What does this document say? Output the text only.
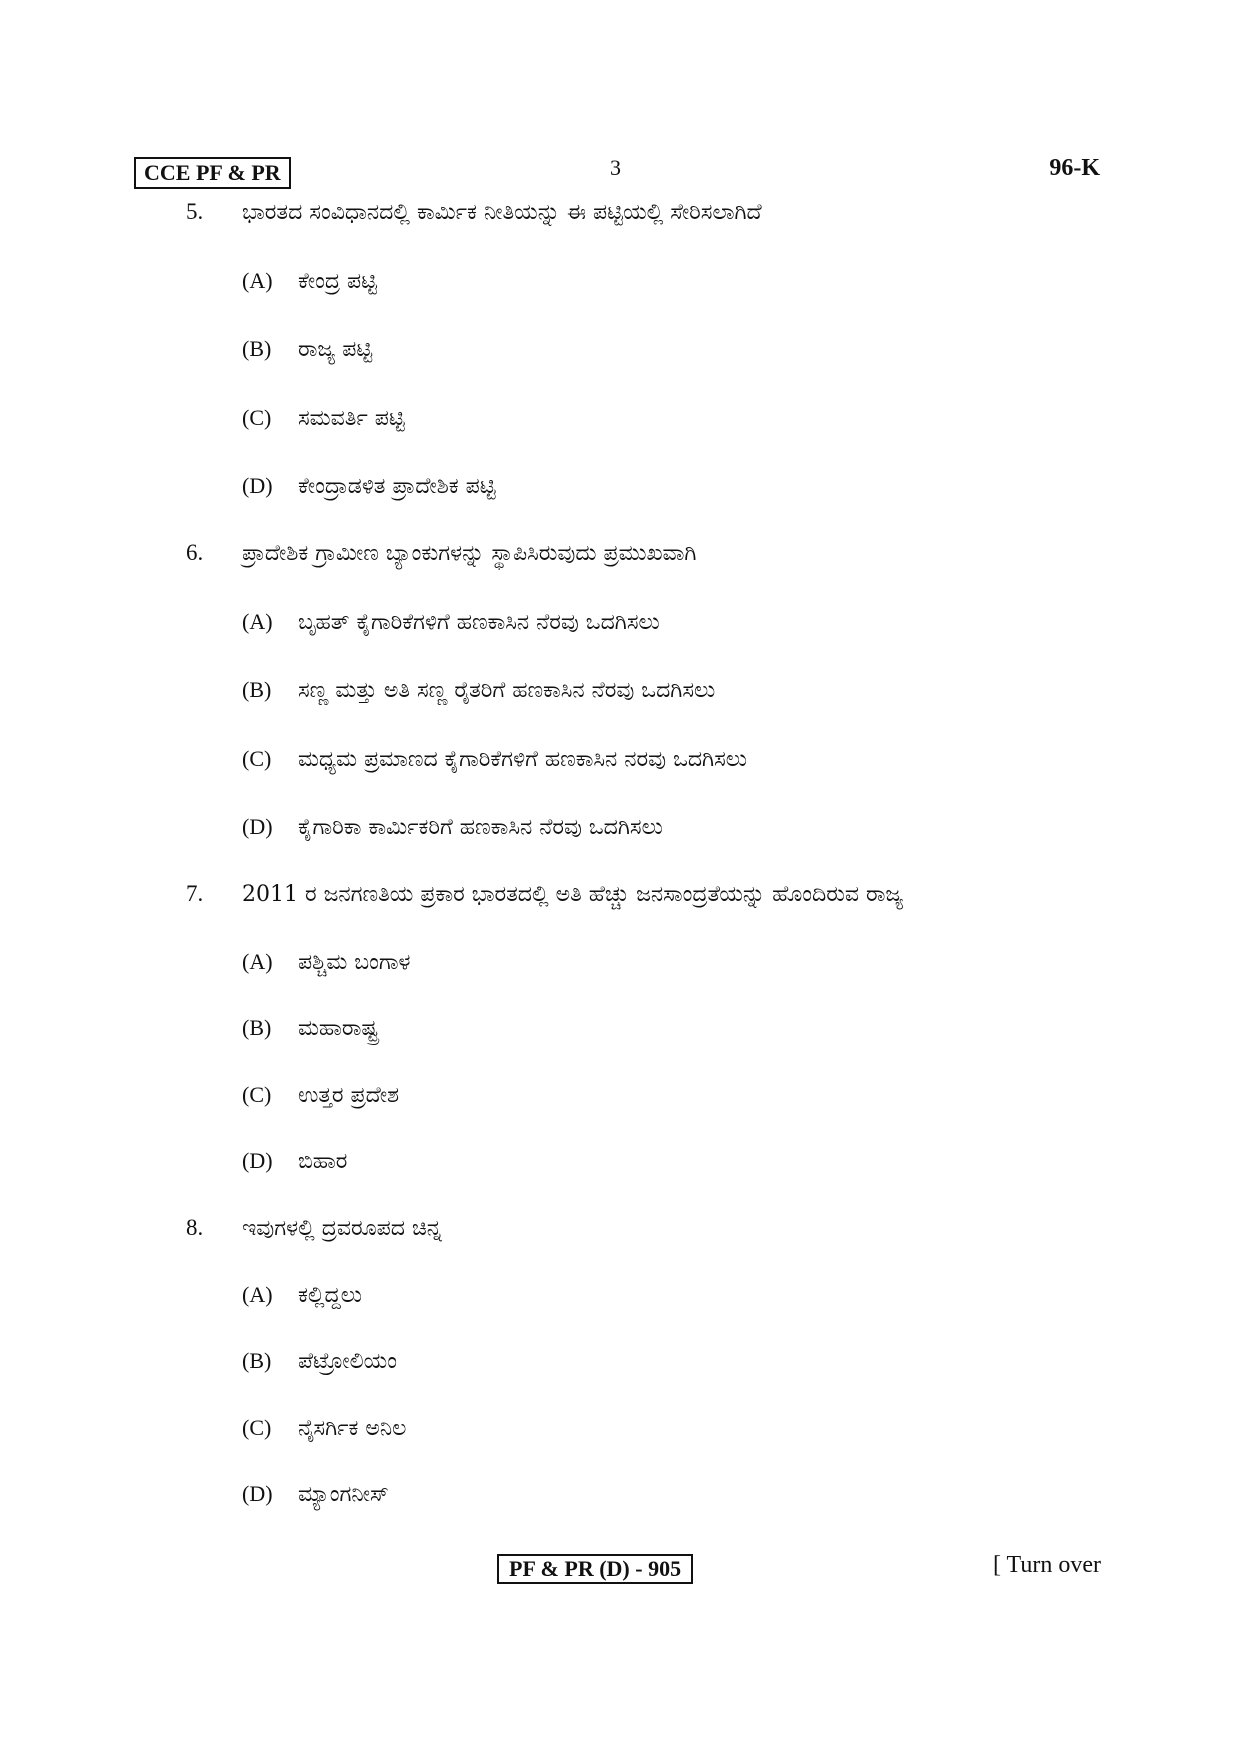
CCE PF & PR	3	96-K
5. ಭಾರತದ ಸಂವಿಧಾನದಲ್ಲಿ ಕಾರ್ಮಿಕ ನೀತಿಯನ್ನು ಈ ಪಟ್ಟಿಯಲ್ಲಿ ಸೇರಿಸಲಾಗಿದೆ
(A) ಕೇಂದ್ರ ಪಟ್ಟಿ
(B) ರಾಜ್ಯ ಪಟ್ಟಿ
(C) ಸಮವರ್ತಿ ಪಟ್ಟಿ
(D) ಕೇಂದ್ರಾಡಳಿತ ಪ್ರಾದೇಶಿಕ ಪಟ್ಟಿ
6. ಪ್ರಾದೇಶಿಕ ಗ್ರಾಮೀಣ ಬ್ಯಾಂಕುಗಳನ್ನು ಸ್ಥಾಪಿಸಿರುವುದು ಪ್ರಮುಖವಾಗಿ
(A) ಬೃಹತ್ ಕೈಗಾರಿಕೆಗಳಿಗೆ ಹಣಕಾಸಿನ ನೆರವು ಒದಗಿಸಲು
(B) ಸಣ್ಣ ಮತ್ತು ಅತಿ ಸಣ್ಣ ರೈತರಿಗೆ ಹಣಕಾಸಿನ ನೆರವು ಒದಗಿಸಲು
(C) ಮಧ್ಯಮ ಪ್ರಮಾಣದ ಕೈಗಾರಿಕೆಗಳಿಗೆ ಹಣಕಾಸಿನ ನರವು ಒದಗಿಸಲು
(D) ಕೈಗಾರಿಕಾ ಕಾರ್ಮಿಕರಿಗೆ ಹಣಕಾಸಿನ ನೆರವು ಒದಗಿಸಲು
7. 2011 ರ ಜನಗಣತಿಯ ಪ್ರಕಾರ ಭಾರತದಲ್ಲಿ ಅತಿ ಹೆಚ್ಚು ಜನಸಾಂದ್ರತೆಯನ್ನು ಹೊಂದಿರುವ ರಾಜ್ಯ
(A) ಪಶ್ಚಿಮ ಬಂಗಾಳ
(B) ಮಹಾರಾಷ್ಟ್ರ
(C) ಉತ್ತರ ಪ್ರದೇಶ
(D) ಬಿಹಾರ
8. ಇವುಗಳಲ್ಲಿ ದ್ರವರೂಪದ ಚಿನ್ನ
(A) ಕಲ್ಲಿದ್ದಲು
(B) ಪೆಟ್ರೋಲಿಯಂ
(C) ನೈಸರ್ಗಿಕ ಅನಿಲ
(D) ಮ್ಯಾಂಗನೀಸ್
PF & PR (D) - 905	[ Turn over
